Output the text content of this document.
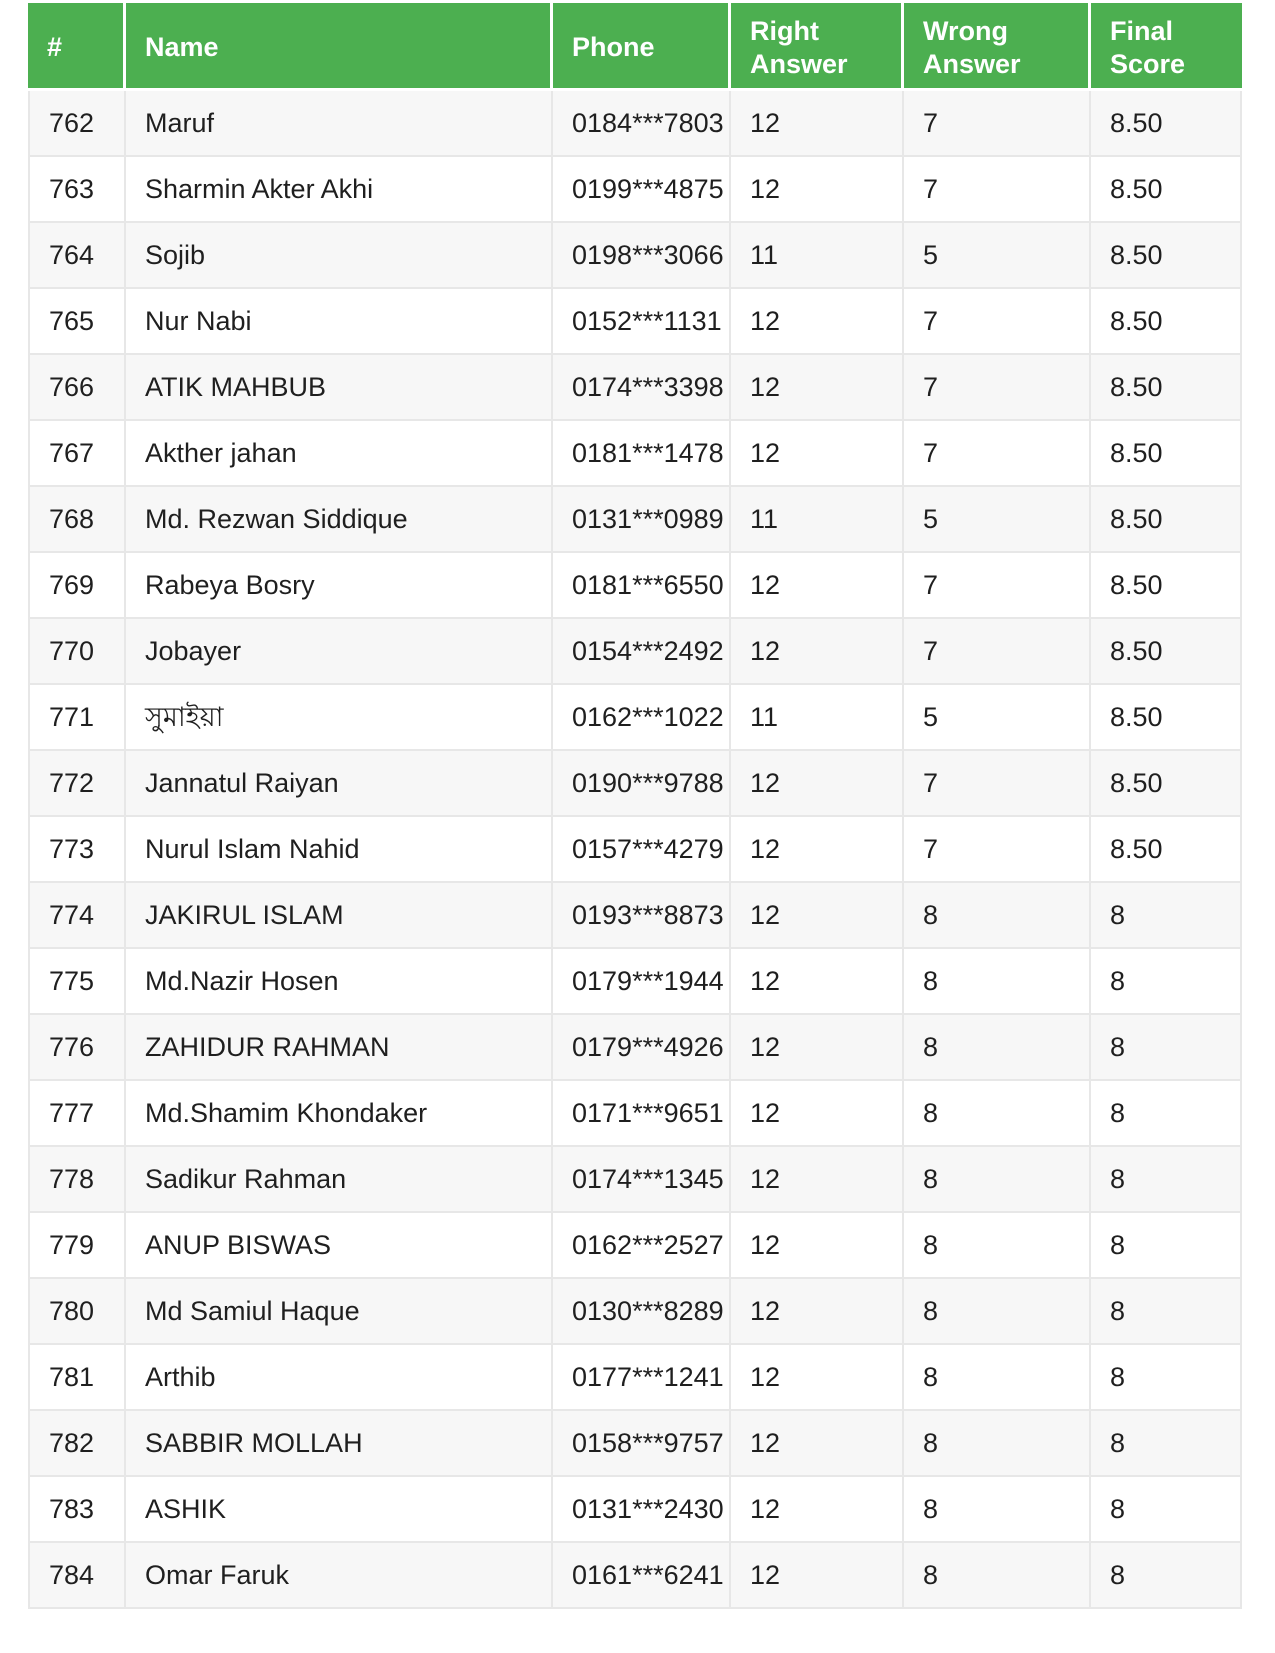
#	Name	Phone	Right Answer	Wrong Answer	Final Score
762	Maruf	0184***7803	12	7	8.50
763	Sharmin Akter Akhi	0199***4875	12	7	8.50
764	Sojib	0198***3066	11	5	8.50
765	Nur Nabi	0152***1131	12	7	8.50
766	ATIK MAHBUB	0174***3398	12	7	8.50
767	Akther jahan	0181***1478	12	7	8.50
768	Md. Rezwan Siddique	0131***0989	11	5	8.50
769	Rabeya Bosry	0181***6550	12	7	8.50
770	Jobayer	0154***2492	12	7	8.50
771	সুমাইয়া	0162***1022	11	5	8.50
772	Jannatul Raiyan	0190***9788	12	7	8.50
773	Nurul Islam Nahid	0157***4279	12	7	8.50
774	JAKIRUL ISLAM	0193***8873	12	8	8
775	Md.Nazir Hosen	0179***1944	12	8	8
776	ZAHIDUR RAHMAN	0179***4926	12	8	8
777	Md.Shamim Khondaker	0171***9651	12	8	8
778	Sadikur Rahman	0174***1345	12	8	8
779	ANUP BISWAS	0162***2527	12	8	8
780	Md Samiul Haque	0130***8289	12	8	8
781	Arthib	0177***1241	12	8	8
782	SABBIR MOLLAH	0158***9757	12	8	8
783	ASHIK	0131***2430	12	8	8
784	Omar Faruk	0161***6241	12	8	8
